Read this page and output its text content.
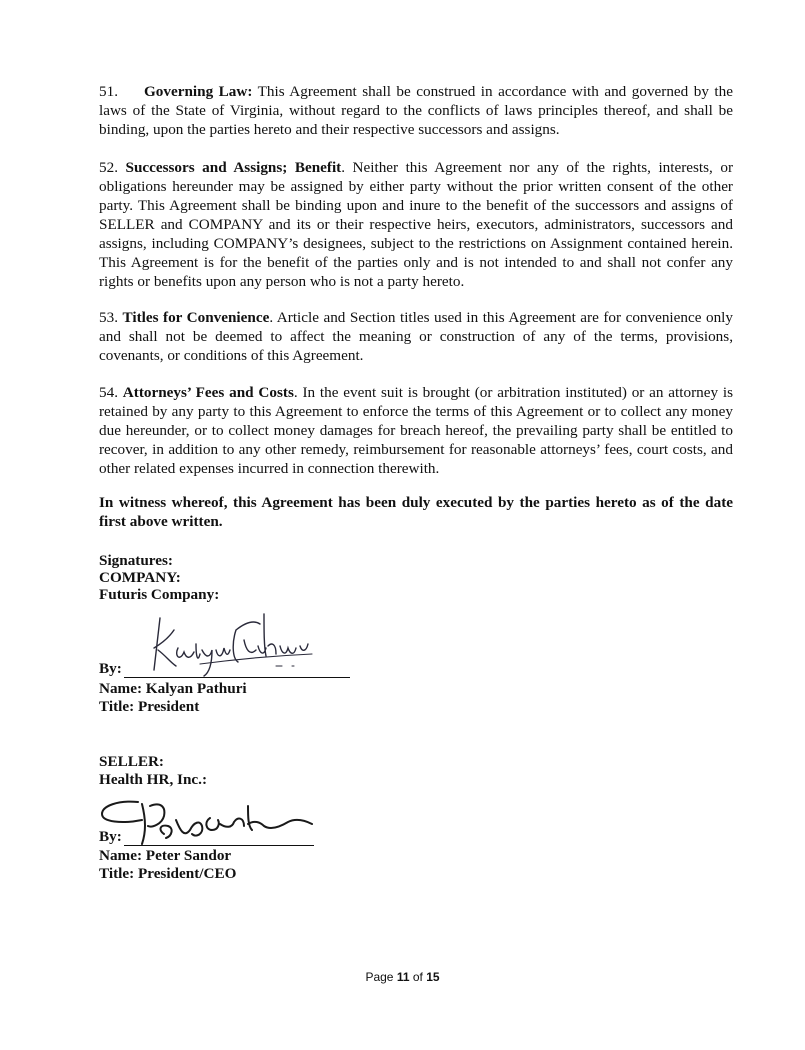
51. Governing Law: This Agreement shall be construed in accordance with and governed by the laws of the State of Virginia, without regard to the conflicts of laws principles thereof, and shall be binding, upon the parties hereto and their respective successors and assigns.

52. Successors and Assigns; Benefit. Neither this Agreement nor any of the rights, interests, or obligations hereunder may be assigned by either party without the prior written consent of the other party. This Agreement shall be binding upon and inure to the benefit of the successors and assigns of SELLER and COMPANY and its or their respective heirs, executors, administrators, successors and assigns, including COMPANY’s designees, subject to the restrictions on Assignment contained herein. This Agreement is for the benefit of the parties only and is not intended to and shall not confer any rights or benefits upon any person who is not a party hereto.

53. Titles for Convenience. Article and Section titles used in this Agreement are for convenience only and shall not be deemed to affect the meaning or construction of any of the terms, provisions, covenants, or conditions of this Agreement.

54. Attorneys’ Fees and Costs. In the event suit is brought (or arbitration instituted) or an attorney is retained by any party to this Agreement to enforce the terms of this Agreement or to collect any money due hereunder, or to collect money damages for breach hereof, the prevailing party shall be entitled to recover, in addition to any other remedy, reimbursement for reasonable attorneys’ fees, court costs, and other related expenses incurred in connection therewith.

In witness whereof, this Agreement has been duly executed by the parties hereto as of the date first above written.

Signatures:

COMPANY:

Futuris Company:

By:

Name: Kalyan Pathuri

Title: President

SELLER:

Health HR, Inc.:

By:

Name: Peter Sandor

Title: President/CEO

Page 11 of 15
